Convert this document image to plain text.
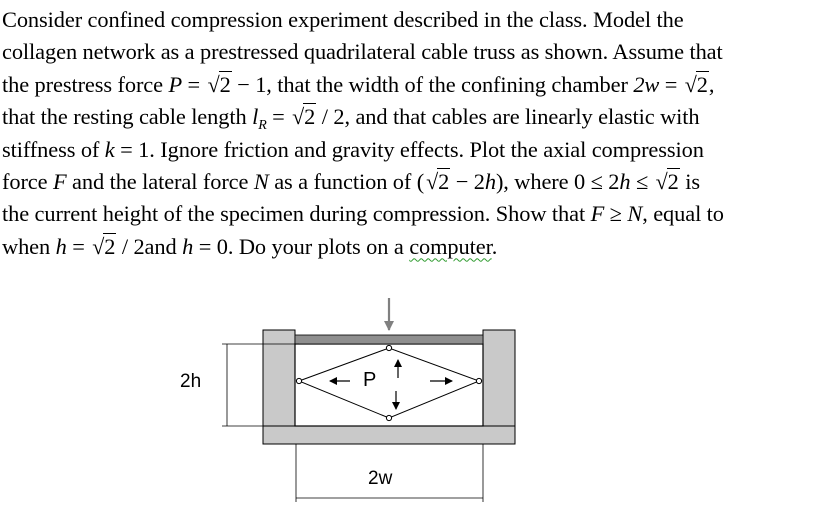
Consider confined compression experiment described in the class. Model the
collagen network as a prestressed quadrilateral cable truss as shown. Assume that
the prestress force P = √2 − 1, that the width of the confining chamber 2w = √2,
that the resting cable length $l_R = √2 / 2$, and that cables are linearly elastic with
stiffness of k = 1. Ignore friction and gravity effects. Plot the axial compression
force F and the lateral force N as a function of (√2 − 2h), where 0 ≤ 2h ≤ √2 is
the current height of the specimen during compression. Show that F ≥ N, equal to
when h = √2 / 2and h = 0. Do your plots on a computer.
2h
2w
P
